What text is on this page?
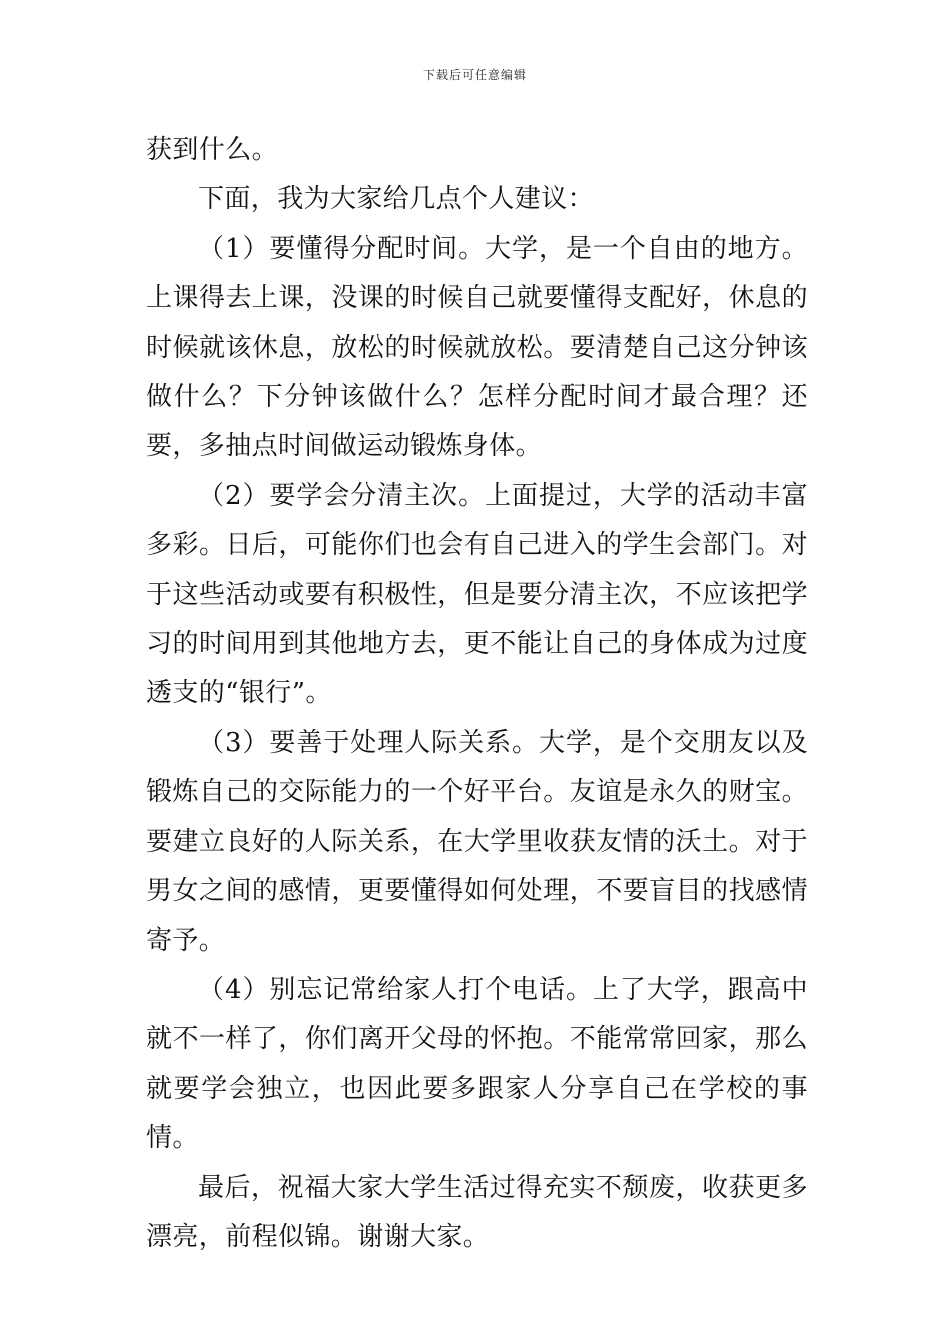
下载后可任意编辑

获到什么。

下面，我为大家给几点个人建议：

（1）要懂得分配时间。大学，是一个自由的地方。上课得去上课，没课的时候自己就要懂得支配好，休息的时候就该休息，放松的时候就放松。要清楚自己这分钟该做什么？下分钟该做什么？怎样分配时间才最合理？还要，多抽点时间做运动锻炼身体。

（2）要学会分清主次。上面提过，大学的活动丰富多彩。日后，可能你们也会有自己进入的学生会部门。对于这些活动或要有积极性，但是要分清主次，不应该把学习的时间用到其他地方去，更不能让自己的身体成为过度透支的“银行”。

（3）要善于处理人际关系。大学，是个交朋友以及锻炼自己的交际能力的一个好平台。友谊是永久的财宝。要建立良好的人际关系，在大学里收获友情的沃土。对于男女之间的感情，更要懂得如何处理，不要盲目的找感情寄予。

（4）别忘记常给家人打个电话。上了大学，跟高中就不一样了，你们离开父母的怀抱。不能常常回家，那么就要学会独立，也因此要多跟家人分享自己在学校的事情。

最后，祝福大家大学生活过得充实不颓废，收获更多漂亮，前程似锦。谢谢大家。
